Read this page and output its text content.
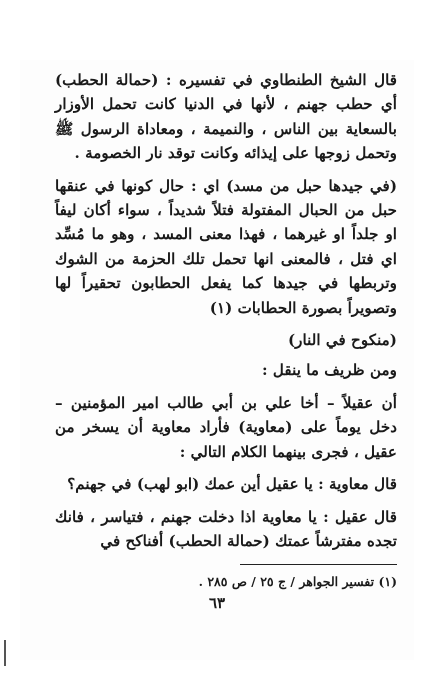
قال الشيخ الطنطاوي في تفسيره : (حمالة الحطب) أي حطب جهنم ، لأنها في الدنيا كانت تحمل الأوزار بالسعاية بين الناس ، والنميمة ، ومعاداة الرسول ﷺ وتحمل زوجها على إيذائه وكانت توقد نار الخصومة .

(في جيدها حبل من مسد) اي : حال كونها في عنقها حبل من الحبال المفتولة فتلاً شديداً ، سواء أكان ليفاً او جلداً او غيرهما ، فهذا معنى المسد ، وهو ما مُسِّد اي فتل ، فالمعنى انها تحمل تلك الحزمة من الشوك وتربطها في جيدها كما يفعل الحطابون تحقيراً لها وتصويراً بصورة الحطابات (١)

(منكوح في النار)

ومن ظريف ما ينقل :

أن عقيلاً – أخا علي بن أبي طالب امير المؤمنين – دخل يوماً على (معاوية) فأراد معاوية أن يسخر من عقيل ، فجرى بينهما الكلام التالي :

قال معاوية : يا عقيل أين عمك (ابو لهب) في جهنم؟

قال عقيل : يا معاوية اذا دخلت جهنم ، فتياسر ، فانك تجده مفترشاً عمتك (حمالة الحطب) أفناكح في

(١) تفسير الجواهر / ج ٢٥ / ص ٢٨٥ .
٦٣
